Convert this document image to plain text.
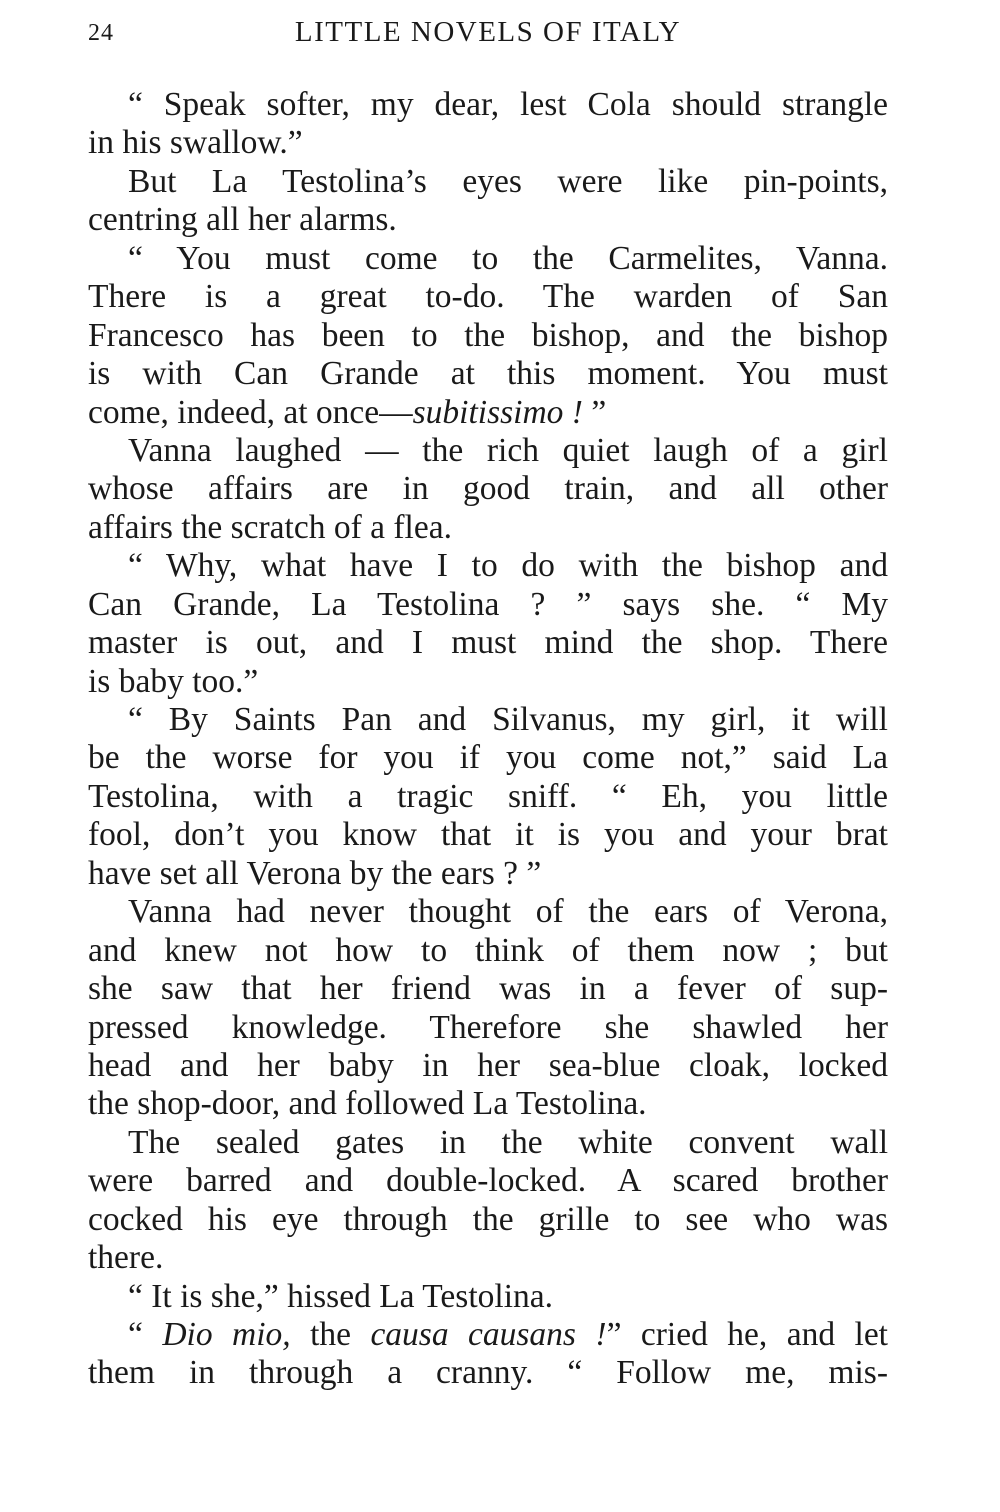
24	LITTLE NOVELS OF ITALY
“ Speak softer, my dear, lest Cola should strangle
in his swallow.”
But La Testolina’s eyes were like pin-points,
centring all her alarms.
“ You must come to the Carmelites, Vanna.
There is a great to-do. The warden of San
Francesco has been to the bishop, and the bishop
is with Can Grande at this moment. You must
come, indeed, at once—subitissimo ! ”
Vanna laughed — the rich quiet laugh of a girl
whose affairs are in good train, and all other
affairs the scratch of a flea.
“ Why, what have I to do with the bishop and
Can Grande, La Testolina ? ” says she. “ My
master is out, and I must mind the shop. There
is baby too.”
“ By Saints Pan and Silvanus, my girl, it will
be the worse for you if you come not,” said La
Testolina, with a tragic sniff. “ Eh, you little
fool, don’t you know that it is you and your brat
have set all Verona by the ears ? ”
Vanna had never thought of the ears of Verona,
and knew not how to think of them now ; but
she saw that her friend was in a fever of sup-
pressed knowledge. Therefore she shawled her
head and her baby in her sea-blue cloak, locked
the shop-door, and followed La Testolina.
The sealed gates in the white convent wall
were barred and double-locked. A scared brother
cocked his eye through the grille to see who was
there.
“ It is she,” hissed La Testolina.
“ Dio mio, the causa causans !” cried he, and let
them in through a cranny. “ Follow me, mis-
